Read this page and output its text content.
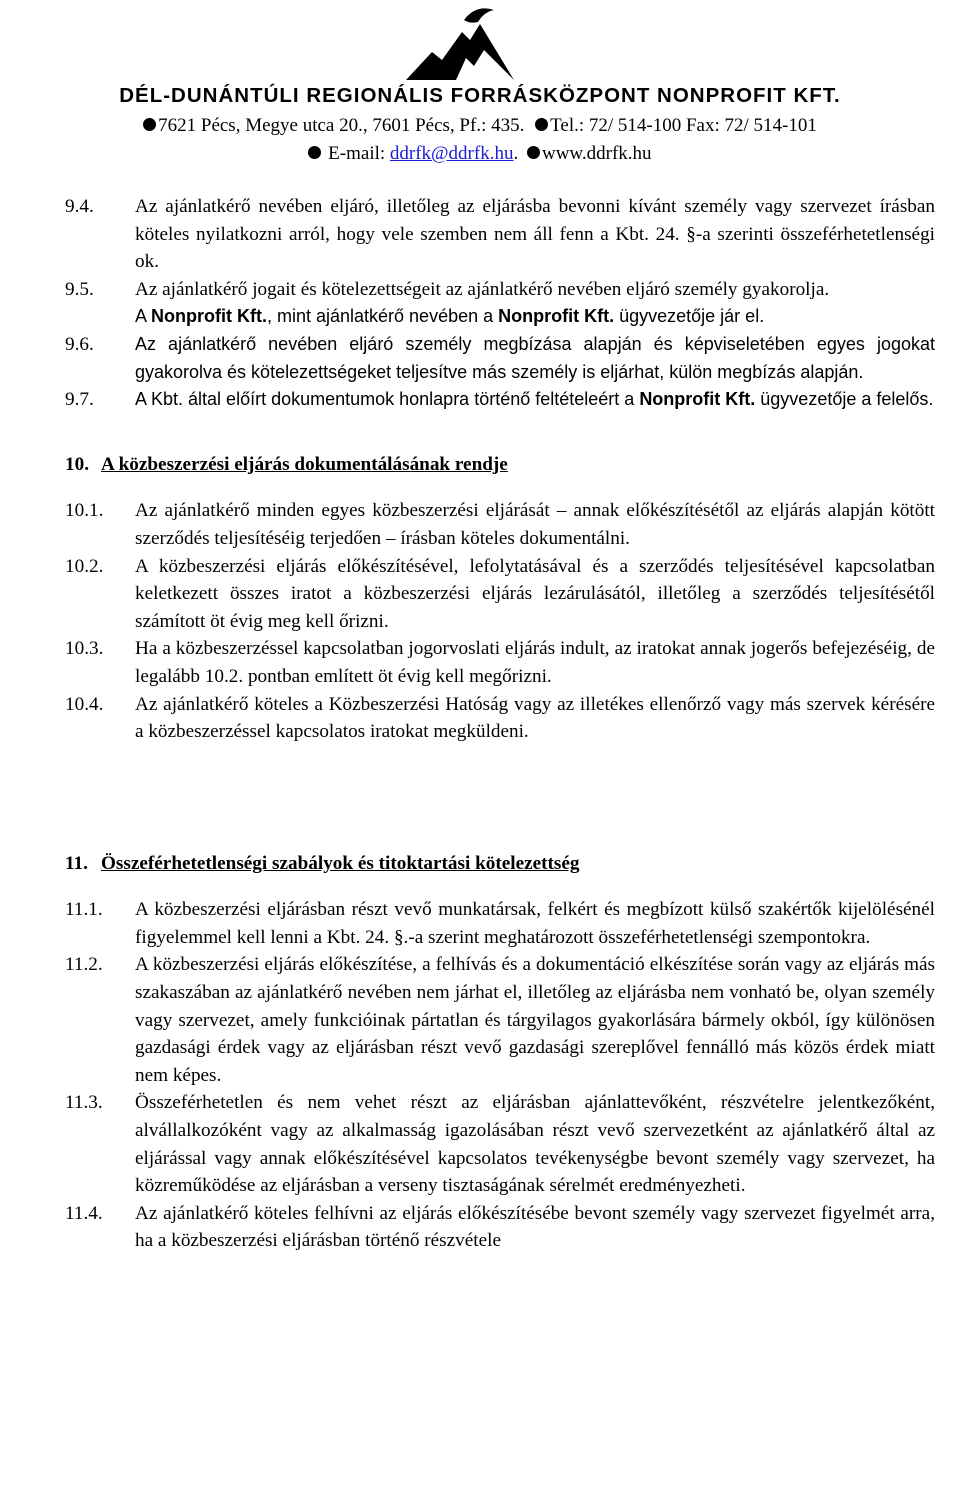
DÉL-DUNÁNTÚLI REGIONÁLIS FORRÁSKÖZPONT NONPROFIT KFT.
7621 Pécs, Megye utca 20., 7601 Pécs, Pf.: 435. Tel.: 72/ 514-100 Fax: 72/ 514-101
E-mail: ddrfk@ddrfk.hu. www.ddrfk.hu
9.4.	Az ajánlatkérő nevében eljáró, illetőleg az eljárásba bevonni kívánt személy vagy szervezet írásban köteles nyilatkozni arról, hogy vele szemben nem áll fenn a Kbt. 24. §-a szerinti összeférhetetlenségi ok.
9.5.	Az ajánlatkérő jogait és kötelezettségeit az ajánlatkérő nevében eljáró személy gyakorolja.
A Nonprofit Kft., mint ajánlatkérő nevében a Nonprofit Kft. ügyvezetője jár el.
9.6.	Az ajánlatkérő nevében eljáró személy megbízása alapján és képviseletében egyes jogokat gyakorolva és kötelezettségeket teljesítve más személy is eljárhat, külön megbízás alapján.
9.7.	A Kbt. által előírt dokumentumok honlapra történő feltételeért a Nonprofit Kft. ügyvezetője a felelős.
10. A közbeszerzési eljárás dokumentálásának rendje
10.1.	Az ajánlatkérő minden egyes közbeszerzési eljárását – annak előkészítésétől az eljárás alapján kötött szerződés teljesítéséig terjedően – írásban köteles dokumentálni.
10.2.	A közbeszerzési eljárás előkészítésével, lefolytatásával és a szerződés teljesítésével kapcsolatban keletkezett összes iratot a közbeszerzési eljárás lezárulásától, illetőleg a szerződés teljesítésétől számított öt évig meg kell őrizni.
10.3.	Ha a közbeszerzéssel kapcsolatban jogorvoslati eljárás indult, az iratokat annak jogerős befejezéséig, de legalább 10.2. pontban említett öt évig kell megőrizni.
10.4.	Az ajánlatkérő köteles a Közbeszerzési Hatóság vagy az illetékes ellenőrző vagy más szervek kérésére a közbeszerzéssel kapcsolatos iratokat megküldeni.
11. Összeférhetetlenségi szabályok és titoktartási kötelezettség
11.1.	A közbeszerzési eljárásban részt vevő munkatársak, felkért és megbízott külső szakértők kijelölésénél figyelemmel kell lenni a Kbt. 24. §.-a szerint meghatározott összeférhetetlenségi szempontokra.
11.2.	A közbeszerzési eljárás előkészítése, a felhívás és a dokumentáció elkészítése során vagy az eljárás más szakaszában az ajánlatkérő nevében nem járhat el, illetőleg az eljárásba nem vonható be, olyan személy vagy szervezet, amely funkcióinak pártatlan és tárgyilagos gyakorlására bármely okból, így különösen gazdasági érdek vagy az eljárásban részt vevő gazdasági szereplővel fennálló más közös érdek miatt nem képes.
11.3.	Összeférhetetlen és nem vehet részt az eljárásban ajánlattevőként, részvételre jelentkezőként, alvállalkozóként vagy az alkalmasság igazolásában részt vevő szervezetként az ajánlatkérő által az eljárással vagy annak előkészítésével kapcsolatos tevékenységbe bevont személy vagy szervezet, ha közreműködése az eljárásban a verseny tisztaságának sérelmét eredményezheti.
11.4.	Az ajánlatkérő köteles felhívni az eljárás előkészítésébe bevont személy vagy szervezet figyelmét arra, ha a közbeszerzési eljárásban történő részvétele
